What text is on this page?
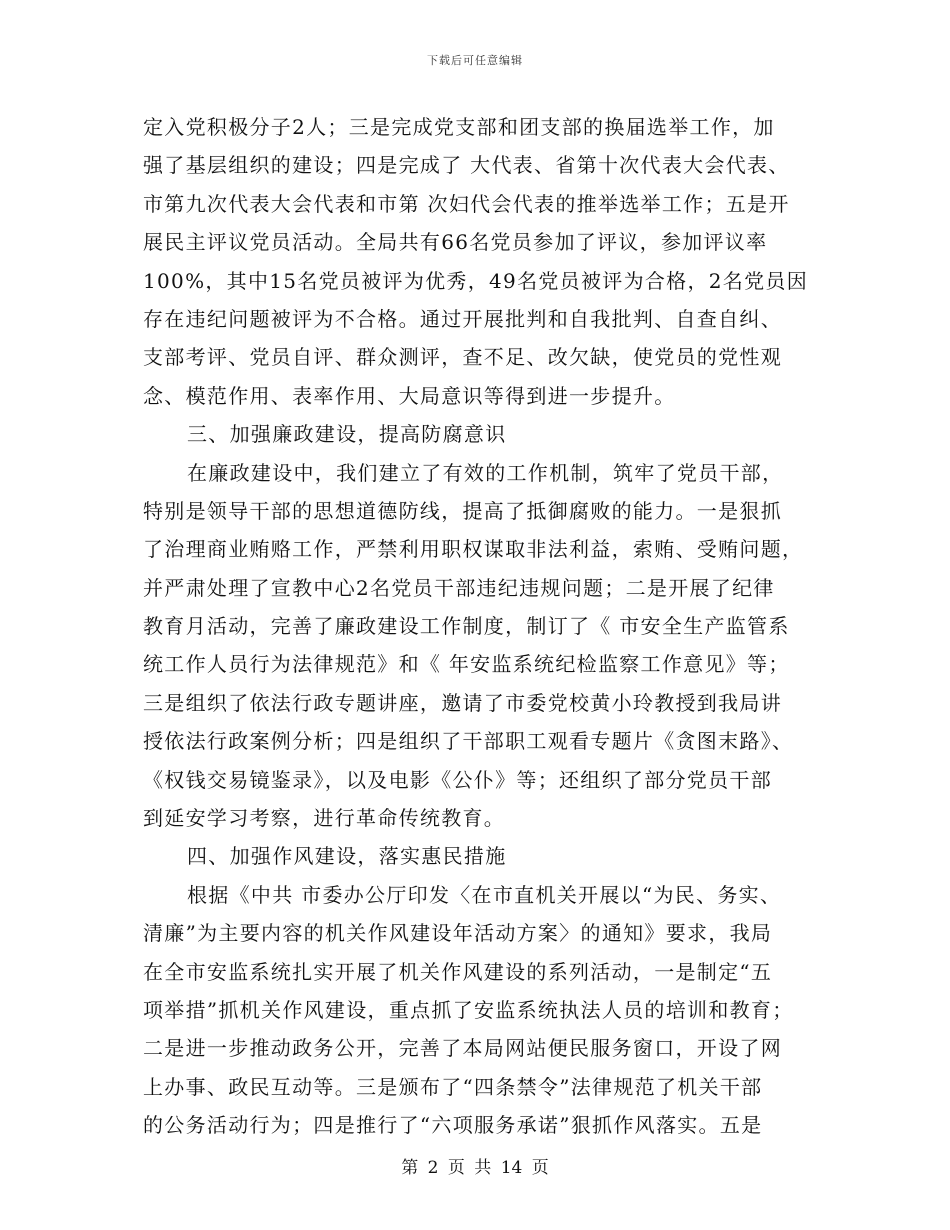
下载后可任意编辑
定入党积极分子2人；三是完成党支部和团支部的换届选举工作，加
强了基层组织的建设；四是完成了 大代表、省第十次代表大会代表、
市第九次代表大会代表和市第 次妇代会代表的推举选举工作；五是开
展民主评议党员活动。全局共有66名党员参加了评议，参加评议率
100%，其中15名党员被评为优秀，49名党员被评为合格，2名党员因
存在违纪问题被评为不合格。通过开展批判和自我批判、自查自纠、
支部考评、党员自评、群众测评，查不足、改欠缺，使党员的党性观
念、模范作用、表率作用、大局意识等得到进一步提升。
三、加强廉政建设，提高防腐意识
在廉政建设中，我们建立了有效的工作机制，筑牢了党员干部，
特别是领导干部的思想道德防线，提高了抵御腐败的能力。一是狠抓
了治理商业贿赂工作，严禁利用职权谋取非法利益，索贿、受贿问题，
并严肃处理了宣教中心2名党员干部违纪违规问题；二是开展了纪律
教育月活动，完善了廉政建设工作制度，制订了《 市安全生产监管系
统工作人员行为法律规范》和《 年安监系统纪检监察工作意见》等；
三是组织了依法行政专题讲座，邀请了市委党校黄小玲教授到我局讲
授依法行政案例分析；四是组织了干部职工观看专题片《贪图末路》、
《权钱交易镜鉴录》，以及电影《公仆》等；还组织了部分党员干部
到延安学习考察，进行革命传统教育。
四、加强作风建设，落实惠民措施
根据《中共 市委办公厅印发〈在市直机关开展以“为民、务实、
清廉”为主要内容的机关作风建设年活动方案〉的通知》要求，我局
在全市安监系统扎实开展了机关作风建设的系列活动，一是制定“五
项举措”抓机关作风建设，重点抓了安监系统执法人员的培训和教育；
二是进一步推动政务公开，完善了本局网站便民服务窗口，开设了网
上办事、政民互动等。三是颁布了“四条禁令”法律规范了机关干部
的公务活动行为；四是推行了“六项服务承诺”狠抓作风落实。五是
第 2 页 共 14 页
